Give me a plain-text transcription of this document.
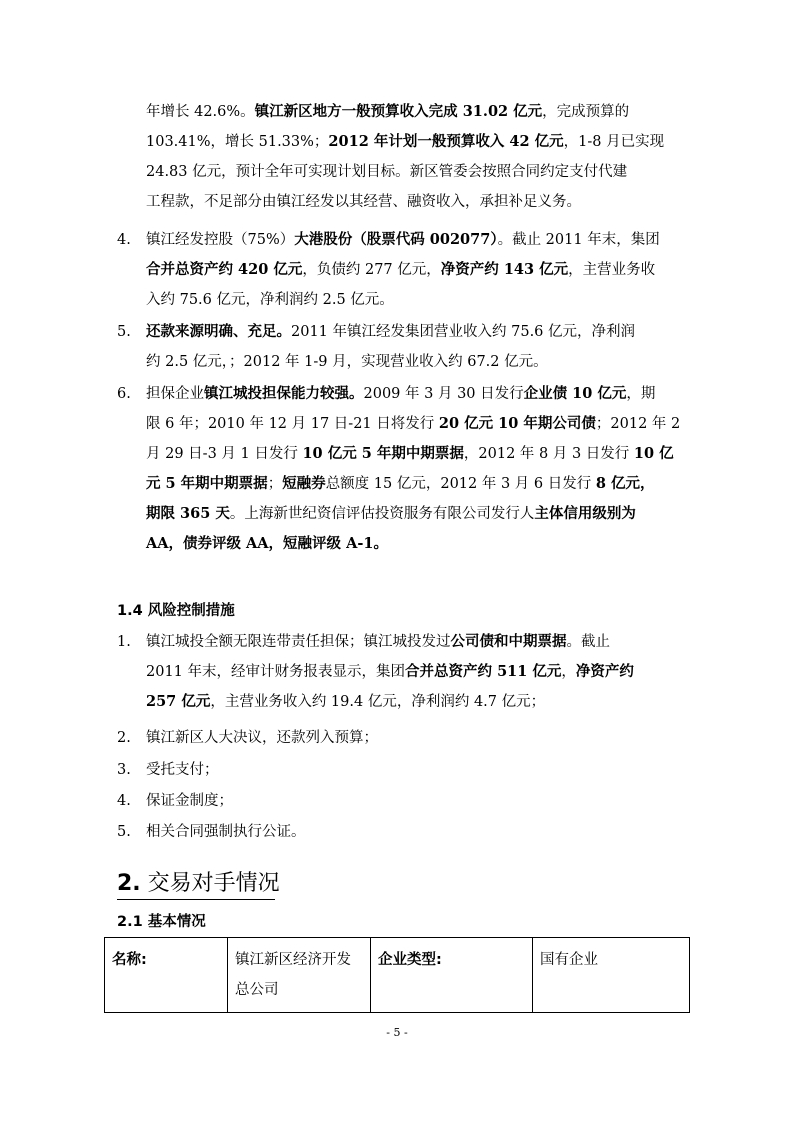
年增长 42.6%。镇江新区地方一般预算收入完成 31.02 亿元，完成预算的
103.41%，增长 51.33%；2012 年计划一般预算收入 42 亿元，1-8 月已实现
24.83 亿元，预计全年可实现计划目标。新区管委会按照合同约定支付代建
工程款，不足部分由镇江经发以其经营、融资收入，承担补足义务。
4.	镇江经发控股（75%）大港股份（股票代码 002077）。截止 2011 年末，集团
合并总资产约 420 亿元，负债约 277 亿元，净资产约 143 亿元，主营业务收
入约 75.6 亿元，净利润约 2.5 亿元。
5.	还款来源明确、充足。2011 年镇江经发集团营业收入约 75.6 亿元，净利润
约 2.5 亿元，；2012 年 1-9 月，实现营业收入约 67.2 亿元。
6.	担保企业镇江城投担保能力较强。2009 年 3 月 30 日发行企业债 10 亿元，期
限 6 年；2010 年 12 月 17 日-21 日将发行 20 亿元 10 年期公司债；2012 年 2
月 29 日-3 月 1 日发行 10 亿元 5 年期中期票据，2012 年 8 月 3 日发行 10 亿
元 5 年期中期票据；短融券总额度 15 亿元，2012 年 3 月 6 日发行 8 亿元，
期限 365 天。上海新世纪资信评估投资服务有限公司发行人主体信用级别为
AA，债券评级 AA，短融评级 A-1。
1.4 风险控制措施
1.	镇江城投全额无限连带责任担保；镇江城投发过公司债和中期票据。截止
2011 年末，经审计财务报表显示，集团合并总资产约 511 亿元，净资产约
257 亿元，主营业务收入约 19.4 亿元，净利润约 4.7 亿元；
2.	镇江新区人大决议，还款列入预算；
3.	受托支付；
4.	保证金制度；
5.	相关合同强制执行公证。
2. 交易对手情况
2.1 基本情况
名称:	镇江新区经济开发总公司	企业类型:	国有企业
- 5 -
